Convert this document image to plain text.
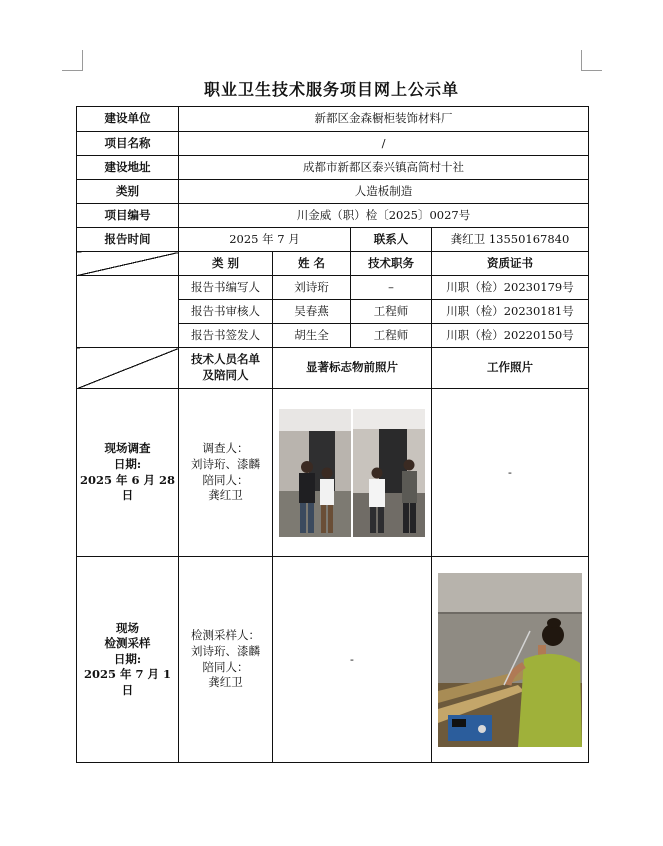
职业卫生技术服务项目网上公示单
建设单位	新都区金森橱柜装饰材料厂			
项目名称	/			
建设地址	成都市新都区泰兴镇高筒村十社			
类别	人造板制造			
项目编号	川金威（职）检〔2025〕0027号			
报告时间	2025 年 7 月		联系人	龚红卫 13550167840
	类 别	姓 名	技术职务	资质证书
	报告书编写人	刘诗珩	–	川职（检）20230179号
	报告书审核人	吴春燕	工程师	川职（检）20230181号
	报告书签发人	胡生全	工程师	川职（检）20220150号
	技术人员名单
及陪同人	显著标志物前照片		工作照片
现场调查
日期:
2025 年 6 月 28
日	调查人：
刘诗珩、漆麟
陪同人：
龚红卫			-
现场
检测采样
日期:
2025 年 7 月 1 日	检测采样人：
刘诗珩、漆麟
陪同人：
龚红卫	-	
